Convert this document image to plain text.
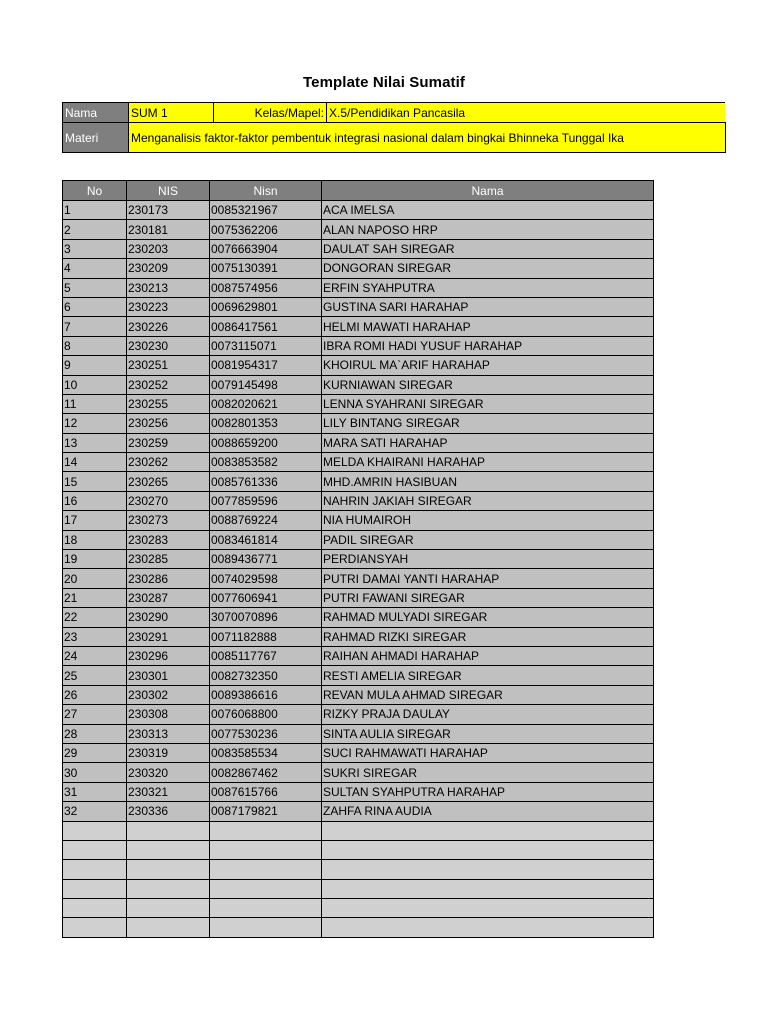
Template Nilai Sumatif
Nama	SUM 1	Kelas/Mapel:	X.5/Pendidikan Pancasila
Materi	Menganalisis faktor-faktor pembentuk integrasi nasional dalam bingkai Bhinneka Tunggal Ika		
No	NIS	Nisn	Nama
1	230173	0085321967	ACA IMELSA
2	230181	0075362206	ALAN NAPOSO HRP
3	230203	0076663904	DAULAT SAH SIREGAR
4	230209	0075130391	DONGORAN SIREGAR
5	230213	0087574956	ERFIN SYAHPUTRA
6	230223	0069629801	GUSTINA SARI HARAHAP
7	230226	0086417561	HELMI MAWATI HARAHAP
8	230230	0073115071	IBRA ROMI HADI YUSUF HARAHAP
9	230251	0081954317	KHOIRUL MA`ARIF HARAHAP
10	230252	0079145498	KURNIAWAN SIREGAR
11	230255	0082020621	LENNA SYAHRANI SIREGAR
12	230256	0082801353	LILY BINTANG SIREGAR
13	230259	0088659200	MARA SATI HARAHAP
14	230262	0083853582	MELDA KHAIRANI HARAHAP
15	230265	0085761336	MHD.AMRIN HASIBUAN
16	230270	0077859596	NAHRIN JAKIAH SIREGAR
17	230273	0088769224	NIA HUMAIROH
18	230283	0083461814	PADIL SIREGAR
19	230285	0089436771	PERDIANSYAH
20	230286	0074029598	PUTRI DAMAI YANTI HARAHAP
21	230287	0077606941	PUTRI FAWANI SIREGAR
22	230290	3070070896	RAHMAD MULYADI SIREGAR
23	230291	0071182888	RAHMAD RIZKI SIREGAR
24	230296	0085117767	RAIHAN AHMADI HARAHAP
25	230301	0082732350	RESTI AMELIA SIREGAR
26	230302	0089386616	REVAN MULA AHMAD SIREGAR
27	230308	0076068800	RIZKY PRAJA DAULAY
28	230313	0077530236	SINTA AULIA SIREGAR
29	230319	0083585534	SUCI RAHMAWATI HARAHAP
30	230320	0082867462	SUKRI SIREGAR
31	230321	0087615766	SULTAN SYAHPUTRA HARAHAP
32	230336	0087179821	ZAHFA RINA AUDIA
